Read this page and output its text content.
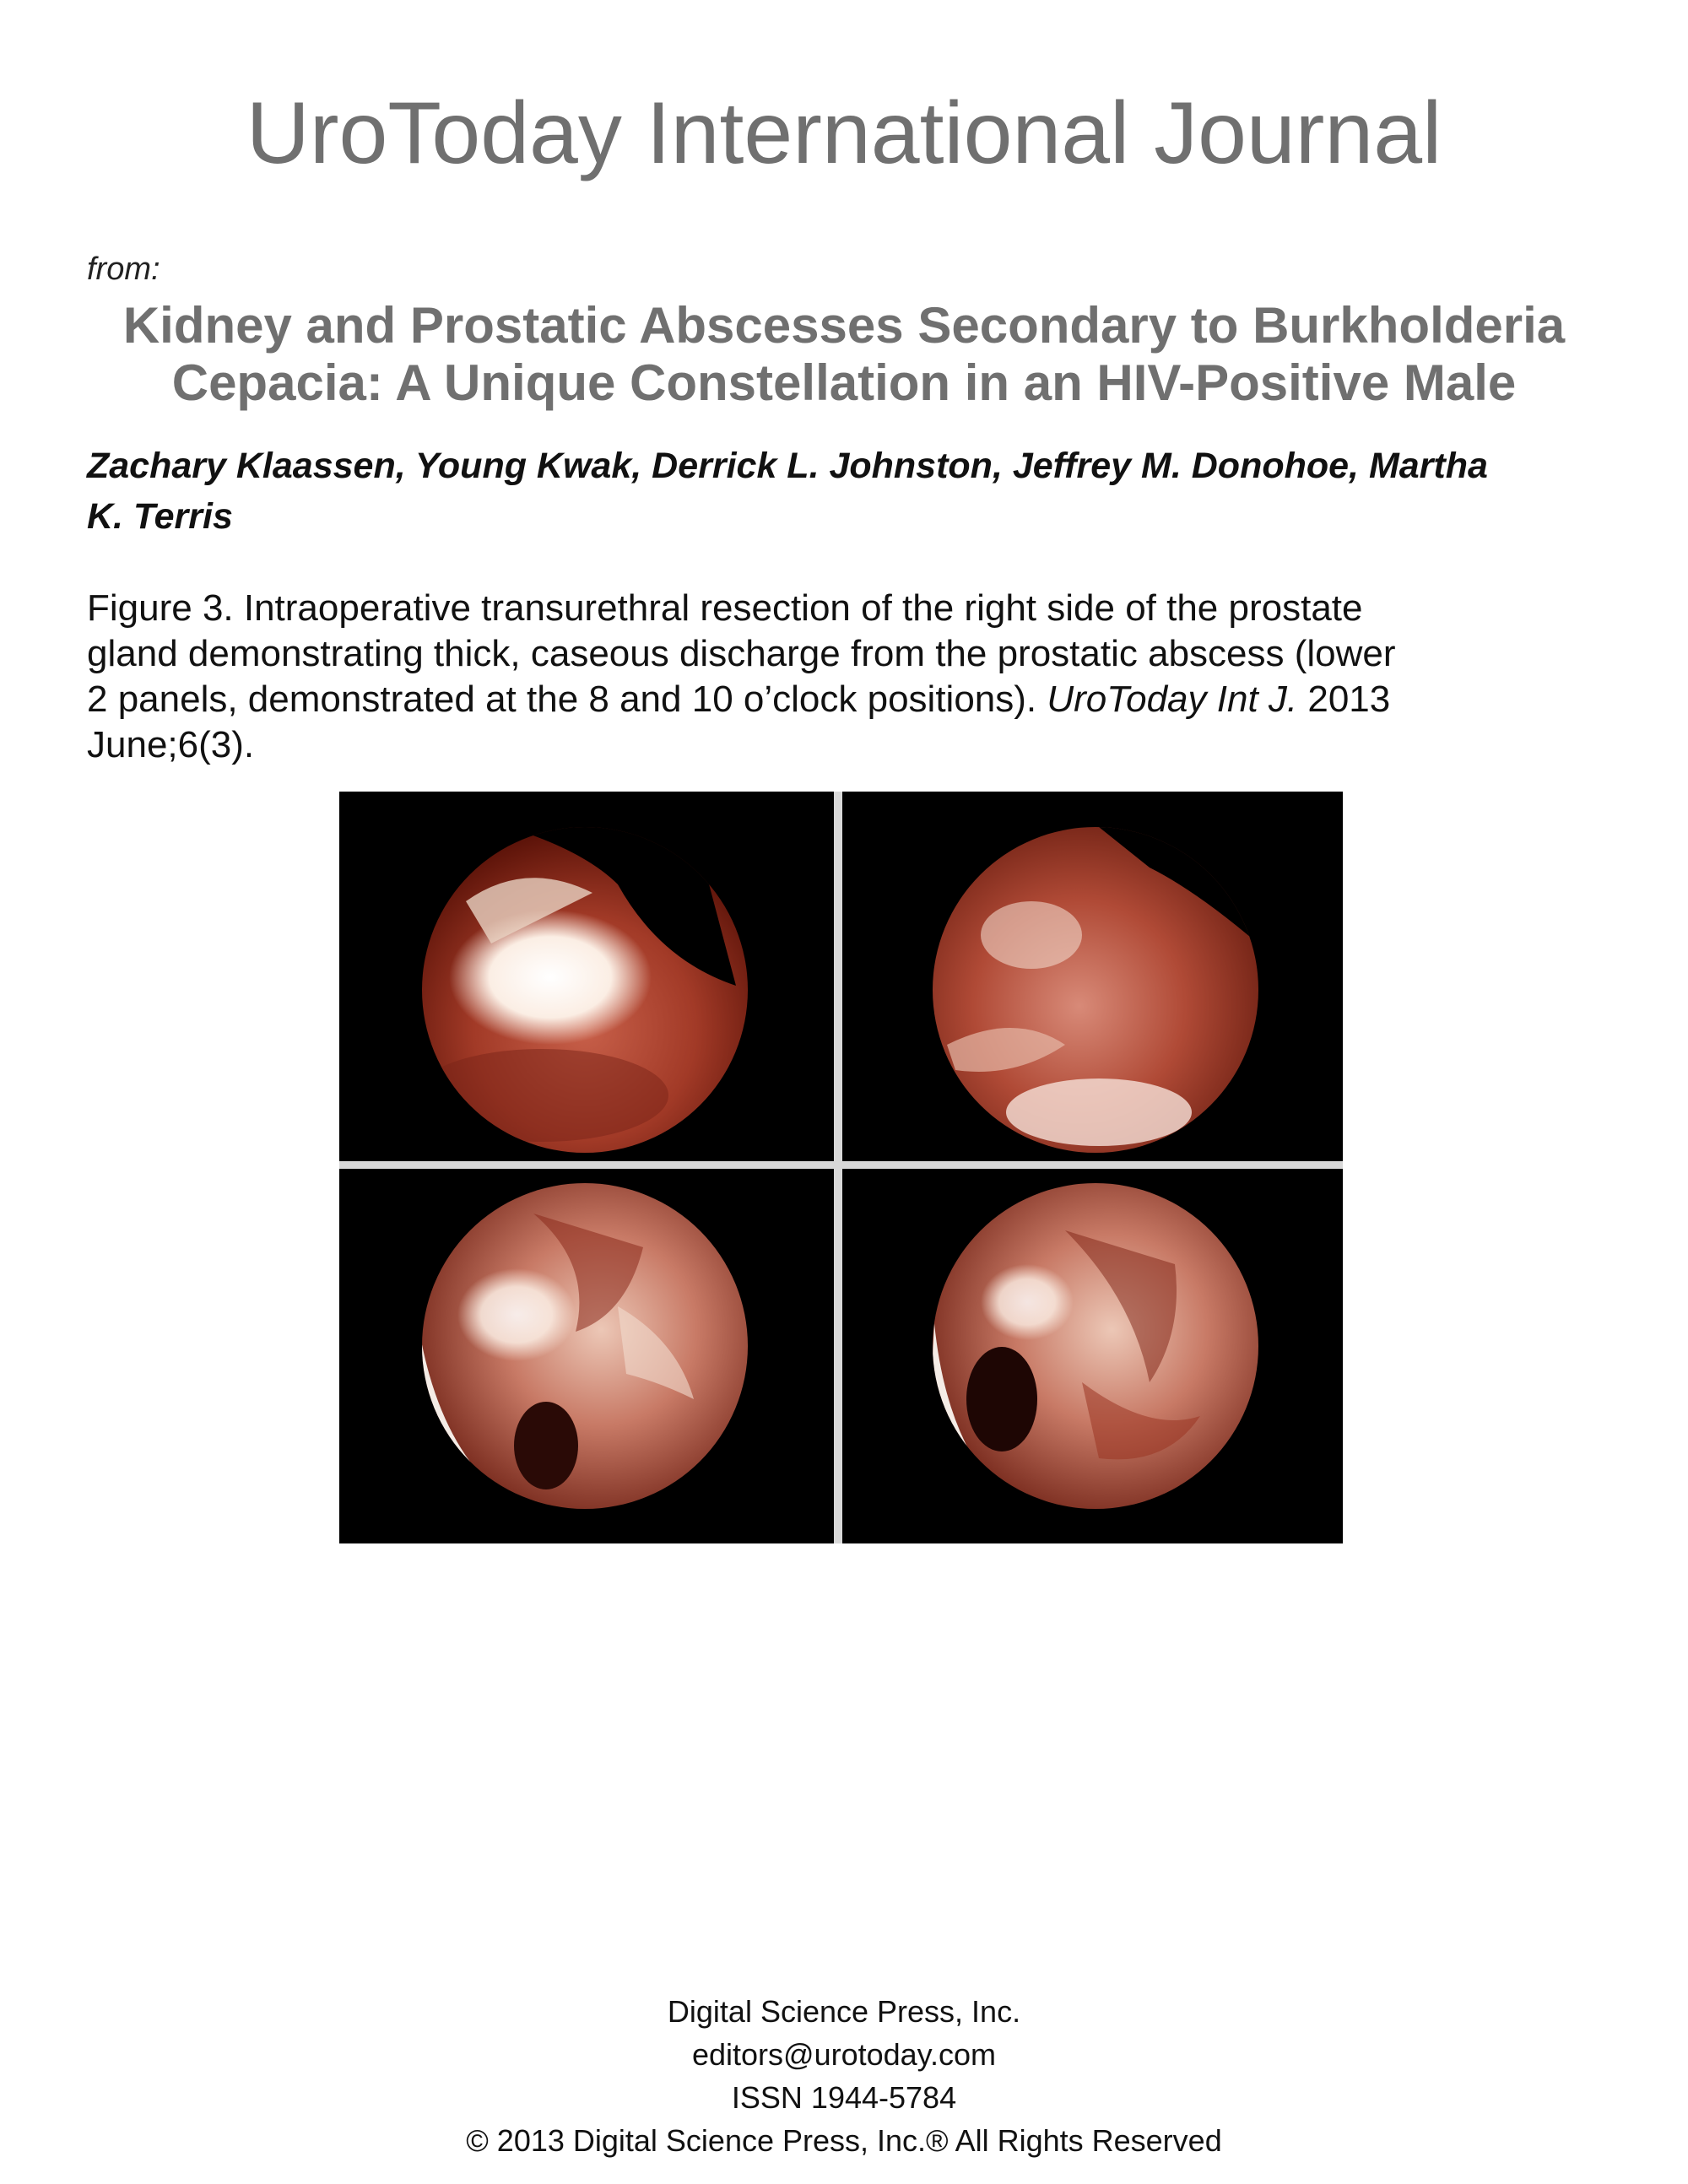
UroToday International Journal

from:

Kidney and Prostatic Abscesses Secondary to Burkholderia
Cepacia: A Unique Constellation in an HIV-Positive Male

Zachary Klaassen, Young Kwak, Derrick L. Johnston, Jeffrey M. Donohoe, Martha
K. Terris

Figure 3. Intraoperative transurethral resection of the right side of the prostate
gland demonstrating thick, caseous discharge from the prostatic abscess (lower
2 panels, demonstrated at the 8 and 10 o’clock positions). UroToday Int J. 2013
June;6(3).

Digital Science Press, Inc.
editors@urotoday.com
ISSN 1944-5784
© 2013 Digital Science Press, Inc.® All Rights Reserved
